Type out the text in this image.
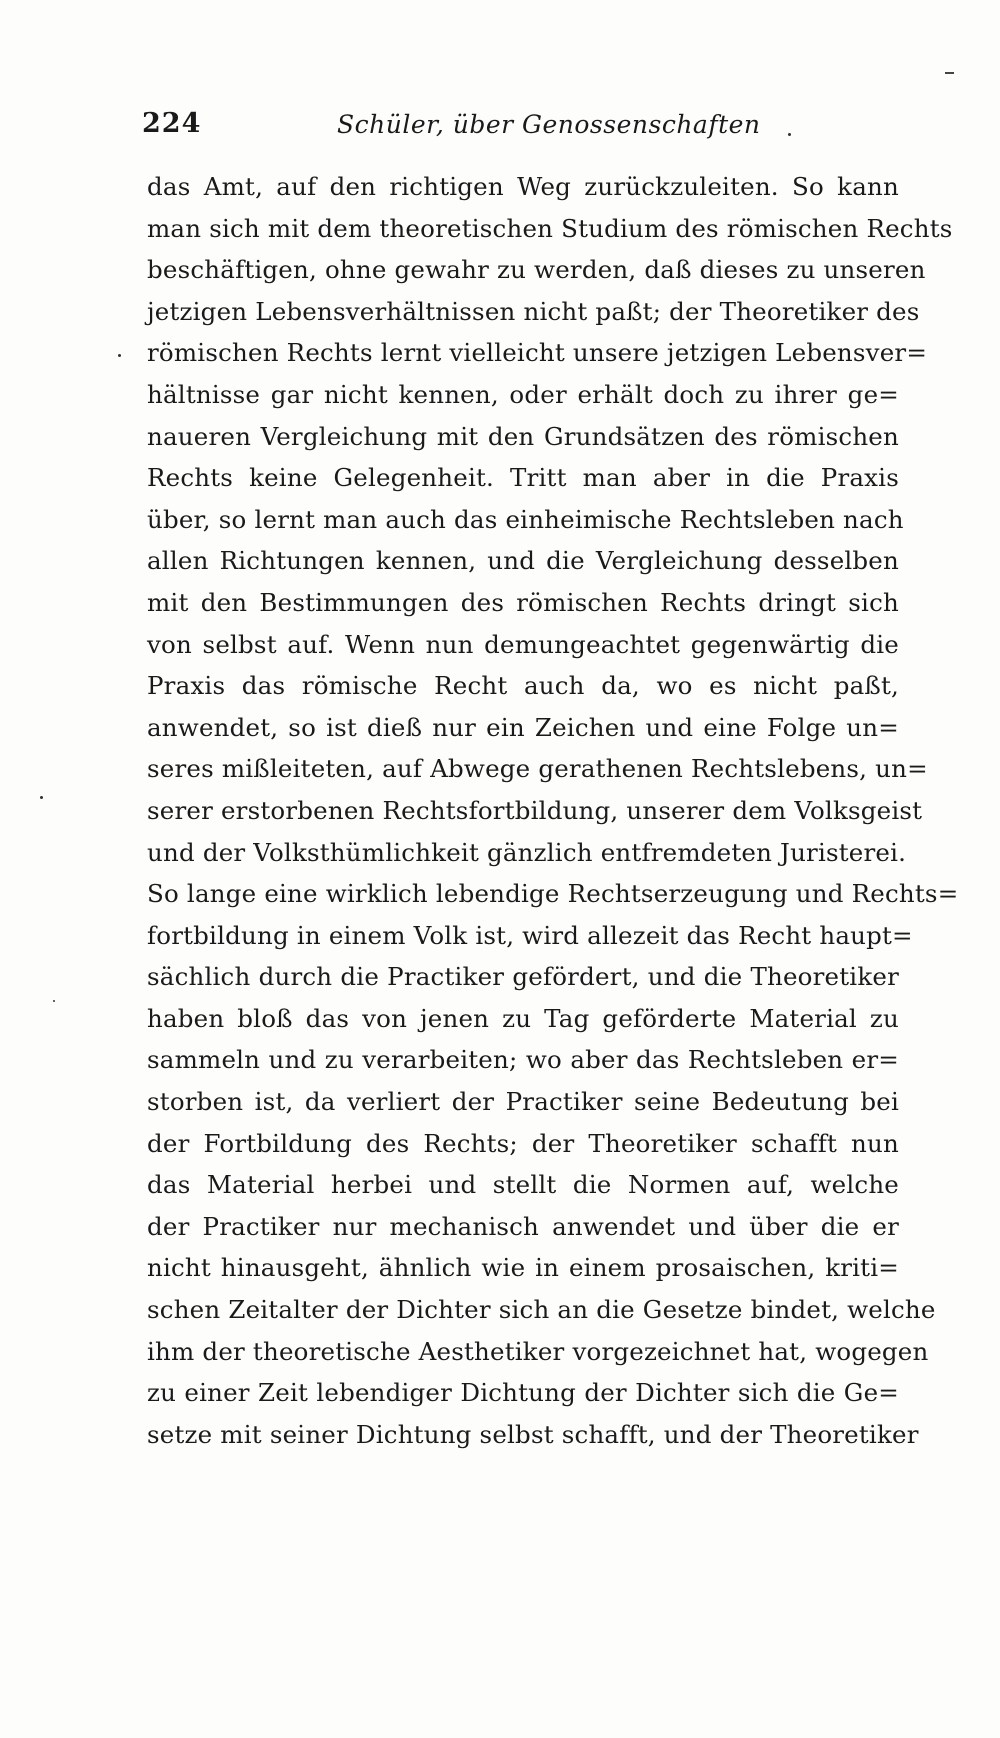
224	Schüler, über Genossenschaften
das Amt, auf den richtigen Weg zurückzuleiten. So kann
man sich mit dem theoretischen Studium des römischen Rechts
beschäftigen, ohne gewahr zu werden, daß dieses zu unseren
jetzigen Lebensverhältnissen nicht paßt; der Theoretiker des
römischen Rechts lernt vielleicht unsere jetzigen Lebensver=
hältnisse gar nicht kennen, oder erhält doch zu ihrer ge=
naueren Vergleichung mit den Grundsätzen des römischen
Rechts keine Gelegenheit. Tritt man aber in die Praxis
über, so lernt man auch das einheimische Rechtsleben nach
allen Richtungen kennen, und die Vergleichung desselben
mit den Bestimmungen des römischen Rechts dringt sich
von selbst auf. Wenn nun demungeachtet gegenwärtig die
Praxis das römische Recht auch da, wo es nicht paßt,
anwendet, so ist dieß nur ein Zeichen und eine Folge un=
seres mißleiteten, auf Abwege gerathenen Rechtslebens, un=
serer erstorbenen Rechtsfortbildung, unserer dem Volksgeist
und der Volksthümlichkeit gänzlich entfremdeten Juristerei.
So lange eine wirklich lebendige Rechtserzeugung und Rechts=
fortbildung in einem Volk ist, wird allezeit das Recht haupt=
sächlich durch die Practiker gefördert, und die Theoretiker
haben bloß das von jenen zu Tag geförderte Material zu
sammeln und zu verarbeiten; wo aber das Rechtsleben er=
storben ist, da verliert der Practiker seine Bedeutung bei
der Fortbildung des Rechts; der Theoretiker schafft nun
das Material herbei und stellt die Normen auf, welche
der Practiker nur mechanisch anwendet und über die er
nicht hinausgeht, ähnlich wie in einem prosaischen, kriti=
schen Zeitalter der Dichter sich an die Gesetze bindet, welche
ihm der theoretische Aesthetiker vorgezeichnet hat, wogegen
zu einer Zeit lebendiger Dichtung der Dichter sich die Ge=
setze mit seiner Dichtung selbst schafft, und der Theoretiker
